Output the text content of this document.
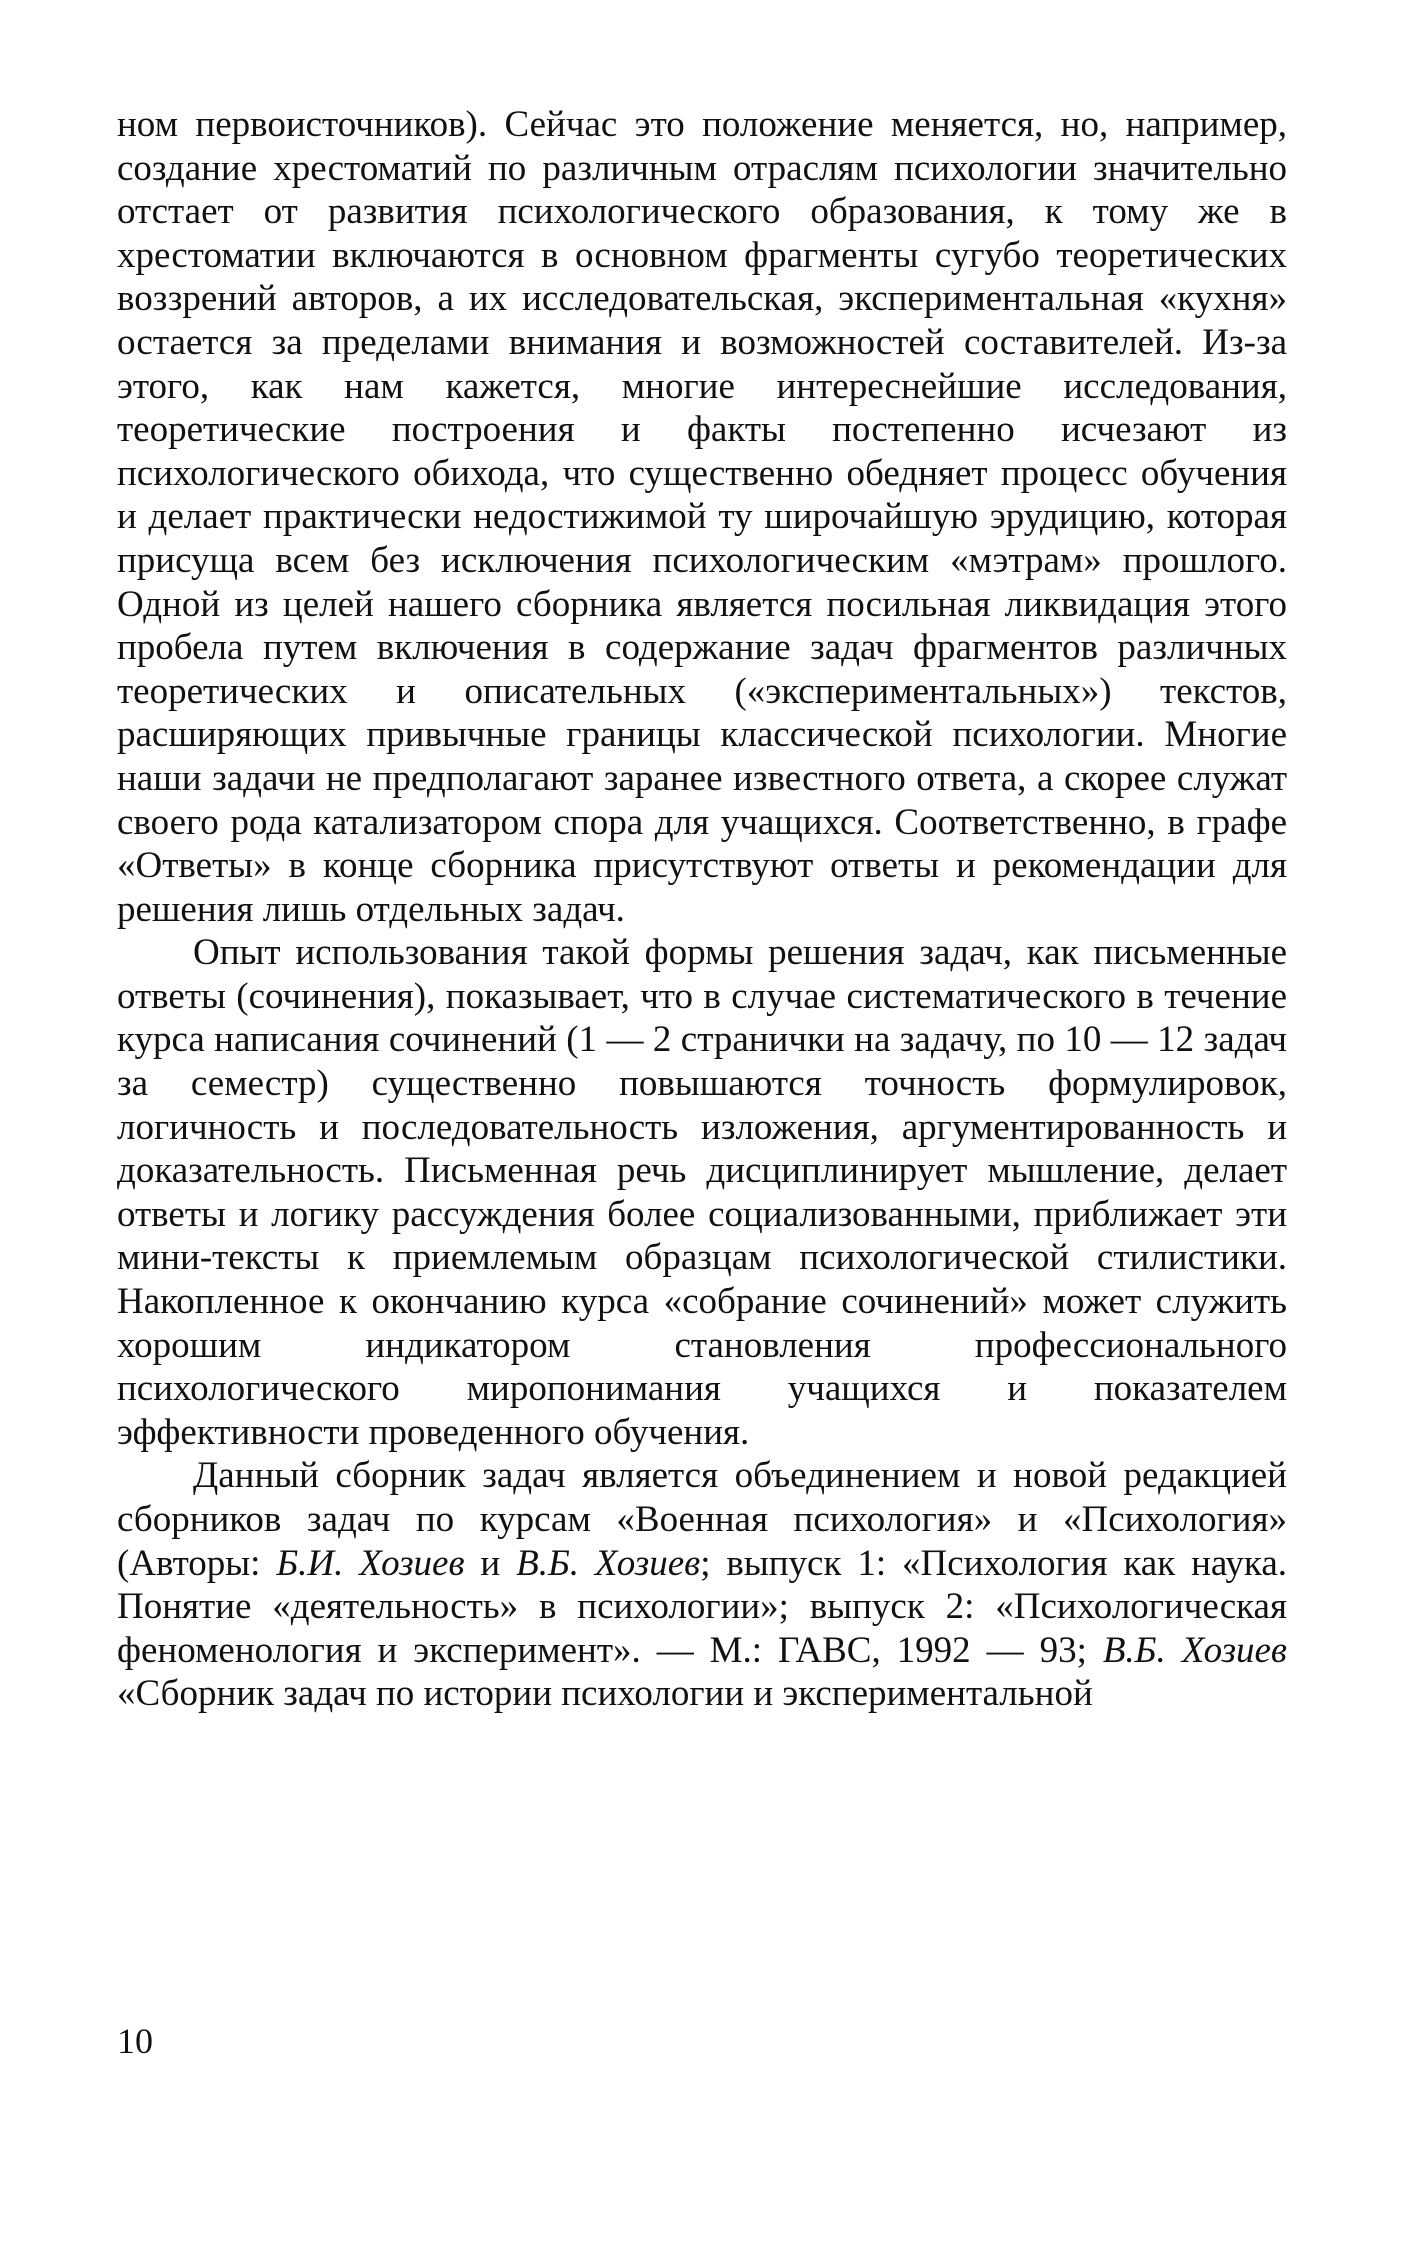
ном первоисточников). Сейчас это положение меняется, но, например, создание хрестоматий по различным отраслям психологии значительно отстает от развития психологического образования, к тому же в хрестоматии включаются в основном фрагменты сугубо теоретических воззрений авторов, а их исследовательская, экспериментальная «кухня» остается за пределами внимания и возможностей составителей. Из-за этого, как нам кажется, многие интереснейшие исследования, теоретические построения и факты постепенно исчезают из психологического обихода, что существенно обедняет процесс обучения и делает практически недостижимой ту широчайшую эрудицию, которая присуща всем без исключения психологическим «мэтрам» прошлого. Одной из целей нашего сборника является посильная ликвидация этого пробела путем включения в содержание задач фрагментов различных теоретических и описательных («экспериментальных») текстов, расширяющих привычные границы классической психологии. Многие наши задачи не предполагают заранее известного ответа, а скорее служат своего рода катализатором спора для учащихся. Соответственно, в графе «Ответы» в конце сборника присутствуют ответы и рекомендации для решения лишь отдельных задач.

Опыт использования такой формы решения задач, как письменные ответы (сочинения), показывает, что в случае систематического в течение курса написания сочинений (1 — 2 странички на задачу, по 10 — 12 задач за семестр) существенно повышаются точность формулировок, логичность и последовательность изложения, аргументированность и доказательность. Письменная речь дисциплинирует мышление, делает ответы и логику рассуждения более социализованными, приближает эти мини-тексты к приемлемым образцам психологической стилистики. Накопленное к окончанию курса «собрание сочинений» может служить хорошим индикатором становления профессионального психологического миропонимания учащихся и показателем эффективности проведенного обучения.

Данный сборник задач является объединением и новой редакцией сборников задач по курсам «Военная психология» и «Психология» (Авторы: Б.И. Хозиев и В.Б. Хозиев; выпуск 1: «Психология как наука. Понятие «деятельность» в психологии»; выпуск 2: «Психологическая феноменология и эксперимент». — М.: ГАВС, 1992 — 93; В.Б. Хозиев «Сборник задач по истории психологии и экспериментальной

10
